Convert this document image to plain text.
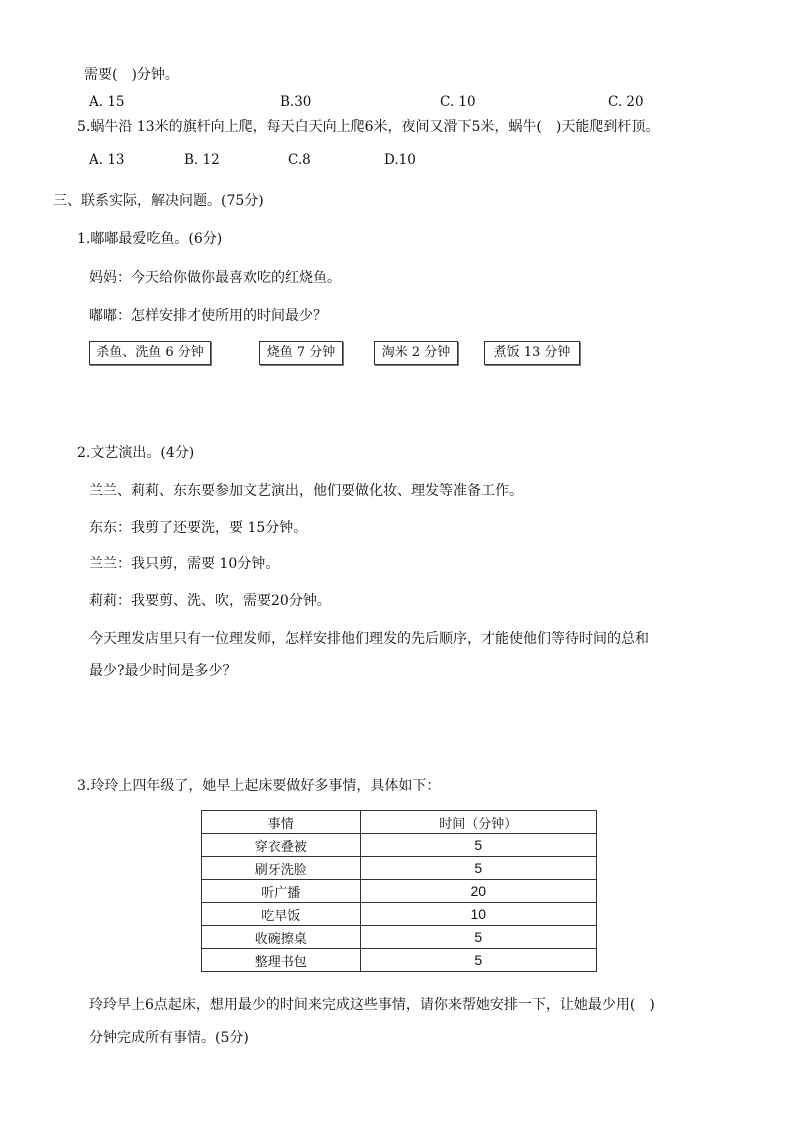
需要(　)分钟。
A. 15	B.30	C. 10	C. 20
5.蜗牛沿 13米的旗杆向上爬，每天白天向上爬6米，夜间又滑下5米，蜗牛(　)天能爬到杆顶。
A. 13	B. 12	C.8	D.10
三、联系实际，解决问题。(75分)
1.嘟嘟最爱吃鱼。(6分)
妈妈：今天给你做你最喜欢吃的红烧鱼。
嘟嘟：怎样安排才使所用的时间最少？
杀鱼、洗鱼 6 分钟	烧鱼 7 分钟	淘米 2 分钟	煮饭 13 分钟
2.文艺演出。(4分)
兰兰、莉莉、东东要参加文艺演出，他们要做化妆、理发等准备工作。
东东：我剪了还要洗，要 15分钟。
兰兰：我只剪，需要 10分钟。
莉莉：我要剪、洗、吹，需要20分钟。
今天理发店里只有一位理发师，怎样安排他们理发的先后顺序，才能使他们等待时间的总和
最少?最少时间是多少？
3.玲玲上四年级了，她早上起床要做好多事情，具体如下：
事情	时间（分钟）
穿衣叠被	5
刷牙洗脸	5
听广播	20
吃早饭	10
收碗擦桌	5
整理书包	5
玲玲早上6点起床，想用最少的时间来完成这些事情，请你来帮她安排一下，让她最少用(　)
分钟完成所有事情。(5分)
